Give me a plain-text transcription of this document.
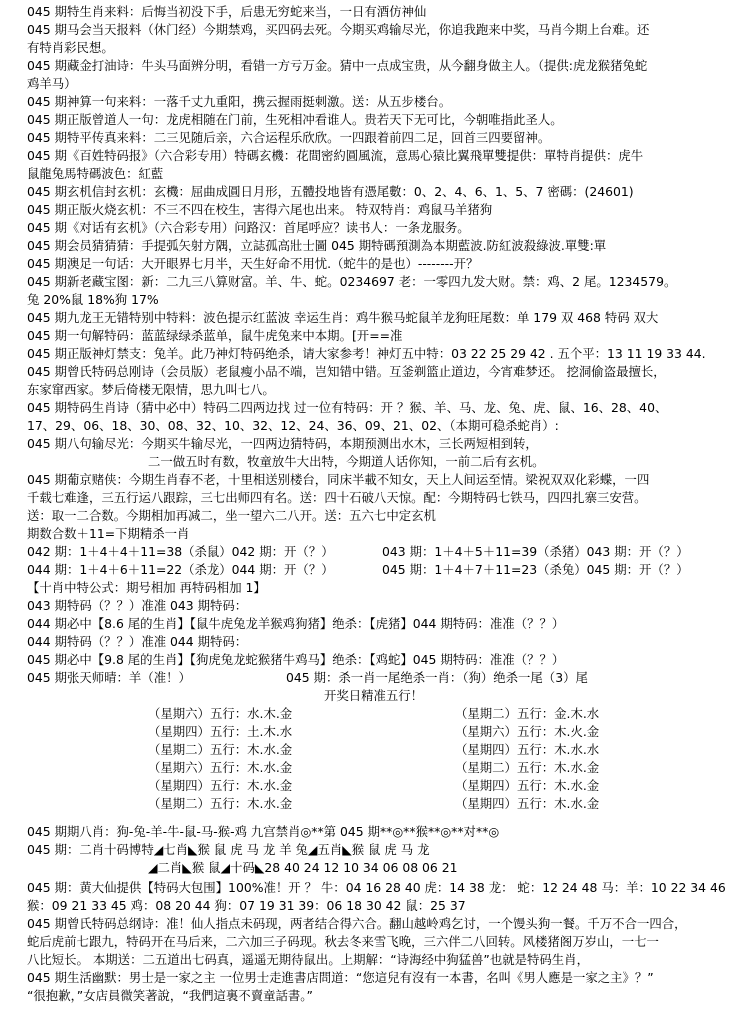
045 期特生肖来料：后悔当初没下手，后患无穷蛇来当，一日有酒仿神仙
045 期马会当天报料（休门经）今期禁鸡，买四码去死。今期买鸡输尽光，你追我跑来中奖，马肖今期上台难。还
有特肖彩民想。
045 期藏金打油诗：牛头马面辨分明，看错一方亏万金。猜中一点成宝贵，从今翻身做主人。（提供:虎龙猴猪兔蛇
鸡羊马）
045 期神算一句来料：一落千丈九重阳，携云握雨挺刺激。送：从五步楼台。
045 期正版曾道人一句：龙虎相随在门前，生死相冲看谁人。贵若天下无可比，今朝唯指此圣人。
045 期特平传真来料：二三见随后亲，六合运程乐欣欣。一四跟着前四二足，回首三四要留神。
045 期《百姓特码报》（六合彩专用）特碼玄機：花間密約圓風流，意馬心猿比翼飛單雙提供：單特肖提供：虎牛
鼠龍兔馬特碼波色：紅藍
045 期玄机信封玄机：玄機：屈曲成圓日月形，五體投地皆有憑尾數：0、2、4、6、1、5、7 密碼：(24601)
045 期正版火烧玄机：不三不四在校生，害得六尾也出来。 特双特肖：鸡鼠马羊猪狗
045 期《对话有玄机》（六合彩专用）问路汉：首尾呼应？读书人：一条龙服务。
045 期会员猜猜猜：手提弧矢射方隅，立誌孤高壯士圖 045 期特碼預測為本期藍波.防紅波殺綠波.單雙:單
045 期澳足一句话：大开眼界七月半，天生好命不用忧.（蛇牛的是也）--------开？
045 期新老藏宝图：新：二九三八算财富。羊、牛、蛇。0234697 老：一零四九发大财。禁：鸡、2 尾。1234579。
兔 20%鼠 18%狗 17%
045 期九龙王无错特别中特料：波色提示红蓝波 幸运生肖：鸡牛猴马蛇鼠羊龙狗旺尾数：单 179 双 468 特码 双大
045 期一句解特码：蓝蓝绿绿杀蓝单，鼠牛虎兔来中本期。[开==准
045 期正版神灯禁支：兔羊。此乃神灯特码绝杀，请大家参考！神灯五中特：03 22 25 29 42 . 五个平：13 11 19 33 44.
045 期曾氏特码总刚诗（会员版）老鼠瘦小品不端，岂知错中错。互釜剃篮止道边，今宵难梦还。 挖洞偷盗最擅长，
东家窜西家。梦后倚楼无限情，思九叫七八。
045 期特码生肖诗（猜中必中）特码二四两边找 过一位有特码：开 ？猴、羊、马、龙、兔、虎、鼠、16、28、40、
17、29、06、18、30、08、32、10、32、12、24、36、09、21、02、（本期可稳杀蛇肖）:
045 期八句输尽光：今期买牛输尽光，一四两边猜特码，本期预测出水木，三长两短相到转，
二一做五时有数，牧童放牛大出特，今期道人话你知，一前二后有玄机。
045 期葡京赌侠：今期生肖春不老，十里相送别楼台，同床半載不知女，天上人间运至情。梁祝双双化彩蝶，一四
千载七难逢，三五行运八跟踪，三七出师四有名。送：四十石破八天惊。配：今期特码七铁马，四四扎寨三安营。
送：取一二合数。今期相加再减二，坐一望六二八开。送：五六七中定玄机
期数合数＋11=下期精杀一肖
042 期：1＋4＋4＋11=38（杀鼠）042 期：开（？）	043 期：1＋4＋5＋11=39（杀猪）043 期：开（？）
044 期：1＋4＋6＋11=22（杀龙）044 期：开（？）	045 期：1＋4＋7＋11=23（杀兔）045 期：开（？）
【十肖中特公式：期号相加 再特码相加 1】
043 期特码（？？）准准 043 期特码：
044 期必中【8.6 尾的生肖】【鼠牛虎兔龙羊猴鸡狗猪】绝杀：【虎猪】044 期特码：准准（？？）
044 期特码（？？）准准 044 期特码：
045 期必中【9.8 尾的生肖】【狗虎兔龙蛇猴猪牛鸡马】绝杀：【鸡蛇】045 期特码：准准（？？）
045 期张天师晴：羊（准！）	045 期：杀一肖一尾绝杀一肖：（狗）绝杀一尾（3）尾
开奖日精准五行！
（星期六）五行：水.木.金	（星期二）五行：金.木.水
（星期四）五行：土.木.水	（星期六）五行：木.火.金
（星期二）五行：木.水.金	（星期四）五行：木.水.水
（星期六）五行：木.水.金	（星期二）五行：木.水.金
（星期四）五行：木.水.金	（星期四）五行：木.水.金
（星期二）五行：木.水.金	（星期四）五行：木.水.金
045 期期八肖：狗-兔-羊-牛-鼠-马-猴-鸡 九宫禁肖◎**第 045 期**◎**猴**◎**对**◎
045 期：二肖十码博特◢七肖◣猴 鼠 虎 马 龙 羊 兔◢五肖◣猴 鼠 虎 马 龙
◢二肖◣猴 鼠◢十码◣28 40 24 12 10 34 06 08 06 21
045 期：黄大仙提供【特码大包围】100%准！开 ？ 牛：04 16 28 40 虎：14 38 龙： 蛇：12 24 48 马：羊：10 22 34 46
猴：09 21 33 45 鸡：08 20 44 狗：07 19 31 39：06 18 30 42 鼠：25 37
045 期曾氏特码总纲诗：准！仙人指点未码现，两者结合得六合。翻山越岭鸡乞讨，一个馒头狗一餐。千万不合一四合，
蛇后虎前七跟九，特码开在马后来，二六加三子码现。秋去冬来雪飞晚，三六伴二八回转。风楼猪阁万岁山，一七一
八比短长。 本期送：二五道出七码真，遥遥无期待鼠出。上期解：“诗海经中狗猛兽”也就是特码生肖，
045 期生活幽默：男士是一家之主 一位男士走進書店問道：“您這兒有沒有一本書，名叫《男人應是一家之主》？”
“很抱歉，”女店員微笑著說，“我們這裏不賣童話書。”
